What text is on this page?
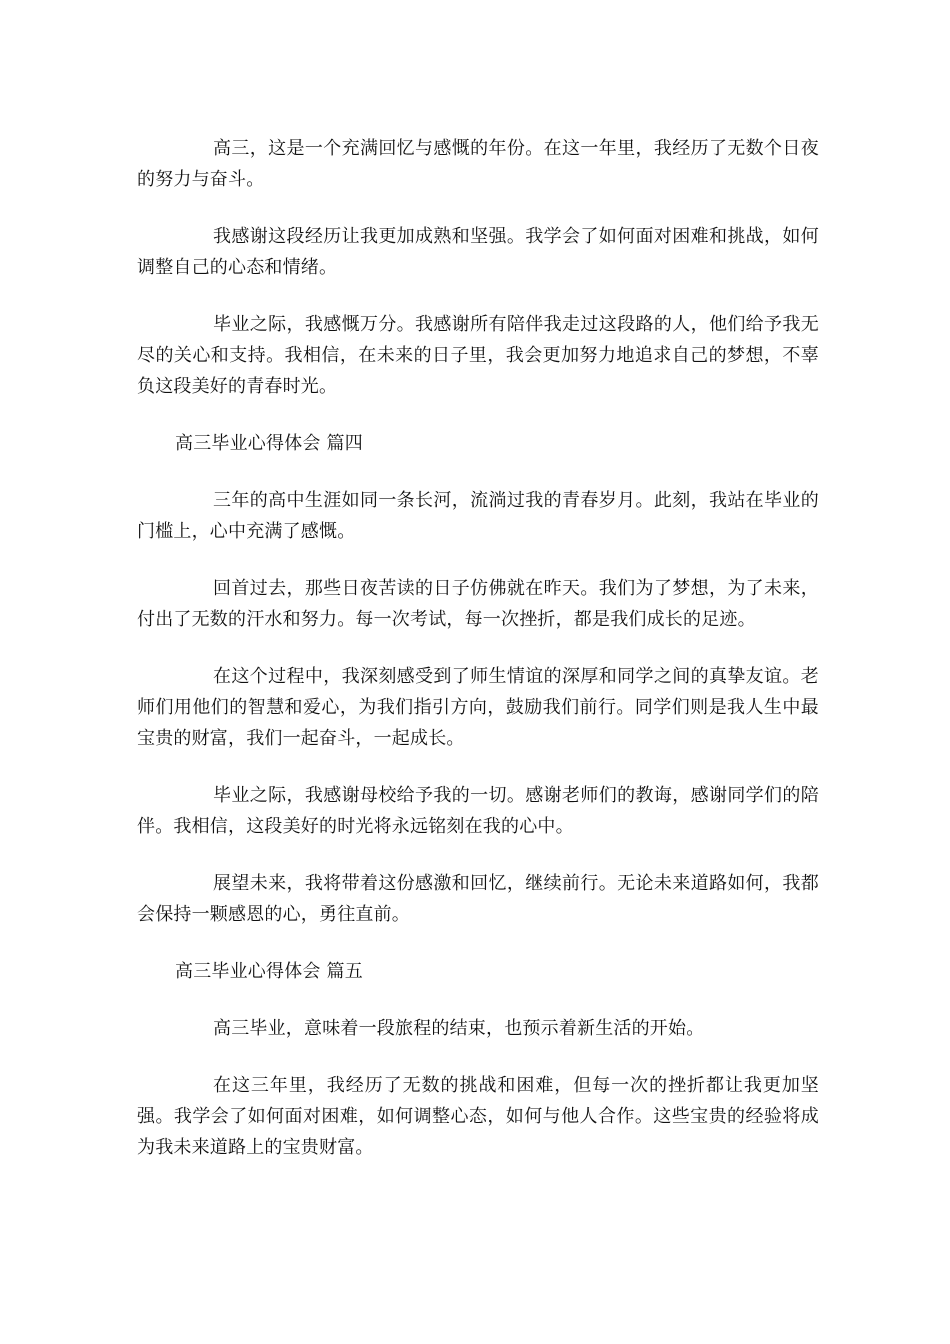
高三，这是一个充满回忆与感慨的年份。在这一年里，我经历了无数个日夜的努力与奋斗。

我感谢这段经历让我更加成熟和坚强。我学会了如何面对困难和挑战，如何调整自己的心态和情绪。

毕业之际，我感慨万分。我感谢所有陪伴我走过这段路的人，他们给予我无尽的关心和支持。我相信，在未来的日子里，我会更加努力地追求自己的梦想，不辜负这段美好的青春时光。

高三毕业心得体会 篇四

三年的高中生涯如同一条长河，流淌过我的青春岁月。此刻，我站在毕业的门槛上，心中充满了感慨。

回首过去，那些日夜苦读的日子仿佛就在昨天。我们为了梦想，为了未来，付出了无数的汗水和努力。每一次考试，每一次挫折，都是我们成长的足迹。

在这个过程中，我深刻感受到了师生情谊的深厚和同学之间的真挚友谊。老师们用他们的智慧和爱心，为我们指引方向，鼓励我们前行。同学们则是我人生中最宝贵的财富，我们一起奋斗，一起成长。

毕业之际，我感谢母校给予我的一切。感谢老师们的教诲，感谢同学们的陪伴。我相信，这段美好的时光将永远铭刻在我的心中。

展望未来，我将带着这份感激和回忆，继续前行。无论未来道路如何，我都会保持一颗感恩的心，勇往直前。

高三毕业心得体会 篇五

高三毕业，意味着一段旅程的结束，也预示着新生活的开始。

在这三年里，我经历了无数的挑战和困难，但每一次的挫折都让我更加坚强。我学会了如何面对困难，如何调整心态，如何与他人合作。这些宝贵的经验将成为我未来道路上的宝贵财富。
